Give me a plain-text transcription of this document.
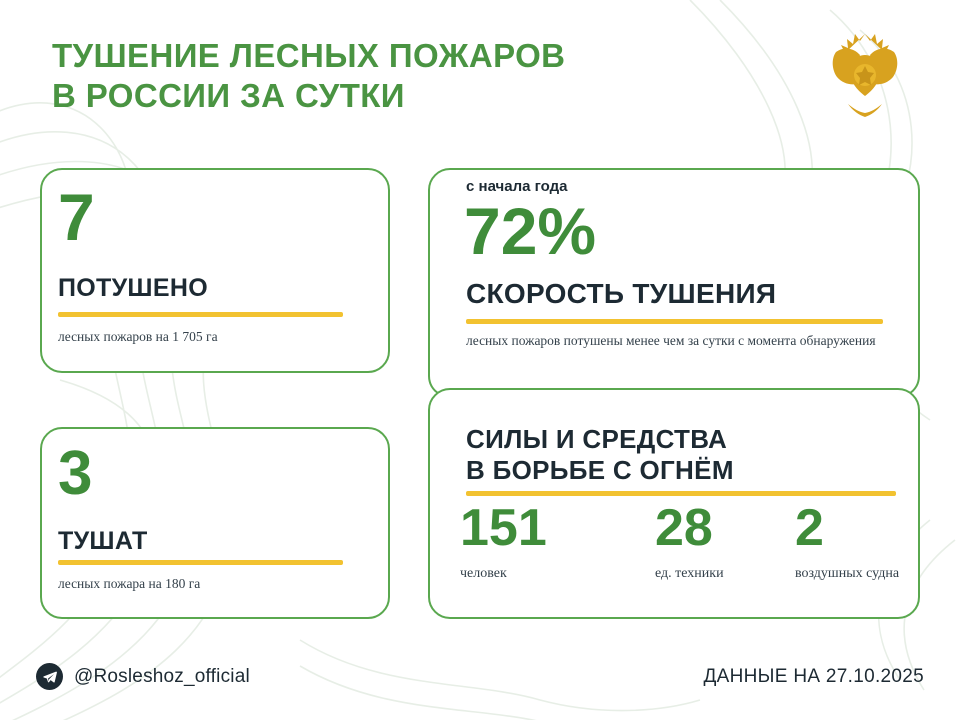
ТУШЕНИЕ ЛЕСНЫХ ПОЖАРОВ
В РОССИИ ЗА СУТКИ
7
ПОТУШЕНО
лесных пожаров на 1 705 га
3
ТУШАТ
лесных пожара на 180 га
с начала года
72%
СКОРОСТЬ ТУШЕНИЯ
лесных пожаров потушены менее чем за сутки с момента обнаружения
СИЛЫ И СРЕДСТВА
В БОРЬБЕ С ОГНЁМ
151
человек
28
ед. техники
2
воздушных судна
@Rosleshoz_official	ДАННЫЕ НА 27.10.2025
